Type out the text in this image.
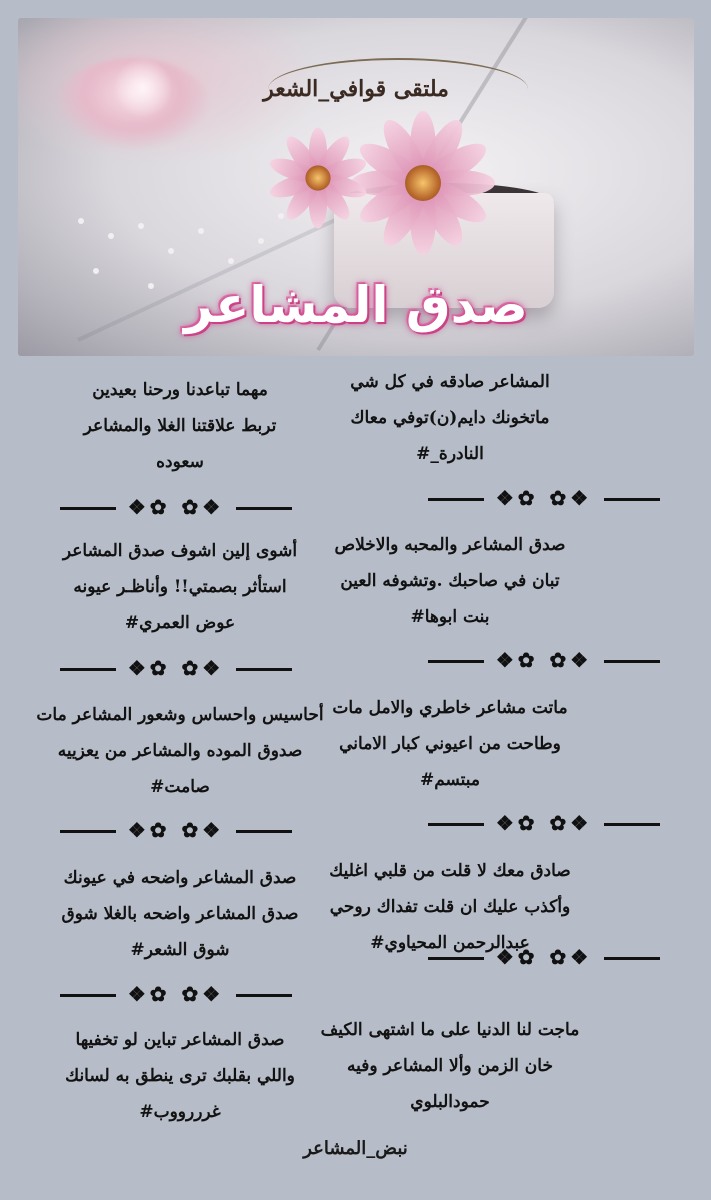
ملتقى قوافي_الشعر
صدق المشاعر
المشاعر صادقه في كل شي
ماتخونك دايم(ن)توفي معاك
#_النادرة
❖✿ ✿❖
صدق المشاعر والمحبه والاخلاص
تبان في صاحبك .وتشوفه العين
#بنت ابوها
❖✿ ✿❖
ماتت مشاعر خاطري والامل مات
وطاحت من اعيوني كبار الاماني
#مبتسم
❖✿ ✿❖
صادق معك لا قلت من قلبي اغليك
وأكذب عليك ان قلت تفداك روحي
#عبدالرحمن المحياوي
❖✿ ✿❖
ماجت لنا الدنيا على ما اشتهى الكيف
خان الزمن وألا المشاعر وفيه
حمودالبلوي
مهما تباعدنا ورحنا بعيدين
تربط علاقتنا الغلا والمشاعر
سعوده
❖✿ ✿❖
أشوى إلين اشوف صدق المشاعر
استأثر بصمتي!! وأناظـر عيونه
#عوض العمري
❖✿ ✿❖
أحاسيس واحساس وشعور المشاعر مات
صدوق الموده والمشاعر من يعزييه
#صامت
❖✿ ✿❖
صدق المشاعر واضحه في عيونك
صدق المشاعر واضحه بالغلا شوق
#شوق الشعر
❖✿ ✿❖
صدق المشاعر تباين لو تخفيها
واللي بقلبك ترى ينطق به لسانك
#غرررووب
نبض_المشاعر
